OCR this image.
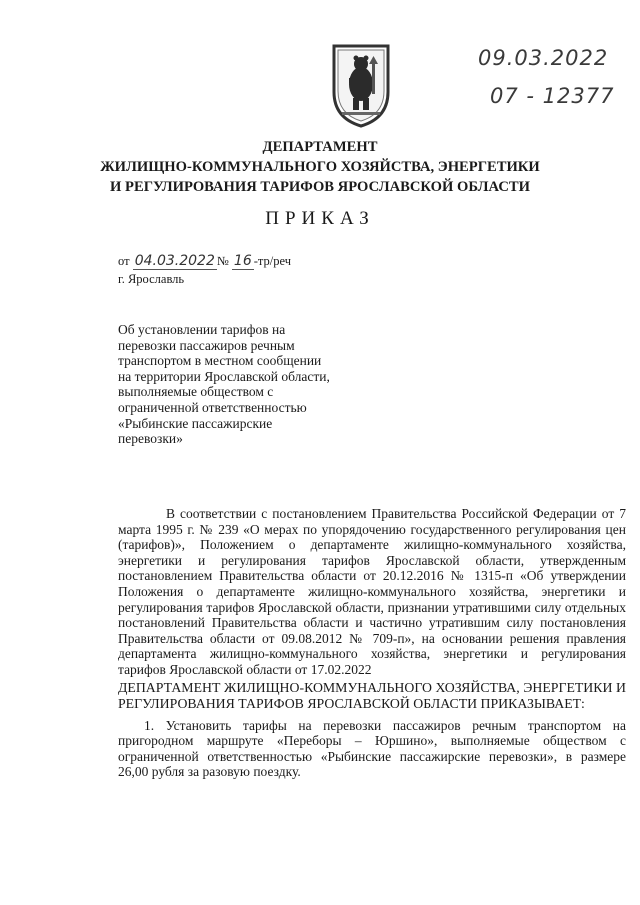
09.03.2022
07 - 12377
ДЕПАРТАМЕНТ
ЖИЛИЩНО-КОММУНАЛЬНОГО ХОЗЯЙСТВА, ЭНЕРГЕТИКИ
И РЕГУЛИРОВАНИЯ ТАРИФОВ ЯРОСЛАВСКОЙ ОБЛАСТИ
ПРИКАЗ
от 04.03.2022 № 16 -тр/реч
г. Ярославль
Об установлении тарифов на перевозки пассажиров речным транспортом в местном сообщении на территории Ярославской области, выполняемые обществом с ограниченной ответственностью «Рыбинские пассажирские перевозки»

В соответствии с постановлением Правительства Российской Федерации от 7 марта 1995 г. № 239 «О мерах по упорядочению государственного регулирования цен (тарифов)», Положением о департаменте жилищно-коммунального хозяйства, энергетики и регулирования тарифов Ярославской области, утвержденным постановлением Правительства области от 20.12.2016 № 1315-п «Об утверждении Положения о департаменте жилищно-коммунального хозяйства, энергетики и регулирования тарифов Ярославской области, признании утратившими силу отдельных постановлений Правительства области и частично утратившим силу постановления Правительства области от 09.08.2012 № 709-п», на основании решения правления департамента жилищно-коммунального хозяйства, энергетики и регулирования тарифов Ярославской области от 17.02.2022

ДЕПАРТАМЕНТ ЖИЛИЩНО-КОММУНАЛЬНОГО ХОЗЯЙСТВА, ЭНЕРГЕТИКИ И РЕГУЛИРОВАНИЯ ТАРИФОВ ЯРОСЛАВСКОЙ ОБЛАСТИ ПРИКАЗЫВАЕТ:

1. Установить тарифы на перевозки пассажиров речным транспортом на пригородном маршруте «Переборы – Юршино», выполняемые обществом с ограниченной ответственностью «Рыбинские пассажирские перевозки», в размере 26,00 рубля за разовую поездку.
